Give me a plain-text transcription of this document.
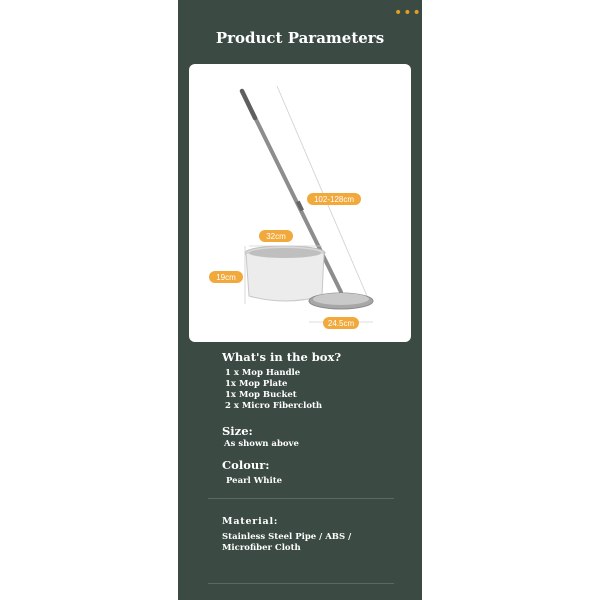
•••
Product Parameters
102-128cm
32cm
19cm
24.5cm
What's in the box?
1 x Mop Handle
1x Mop Plate
1x Mop Bucket
2 x Micro Fibercloth
Size:
As shown above
Colour:
Pearl White
Material:
Stainless Steel Pipe / ABS / Microfiber Cloth
